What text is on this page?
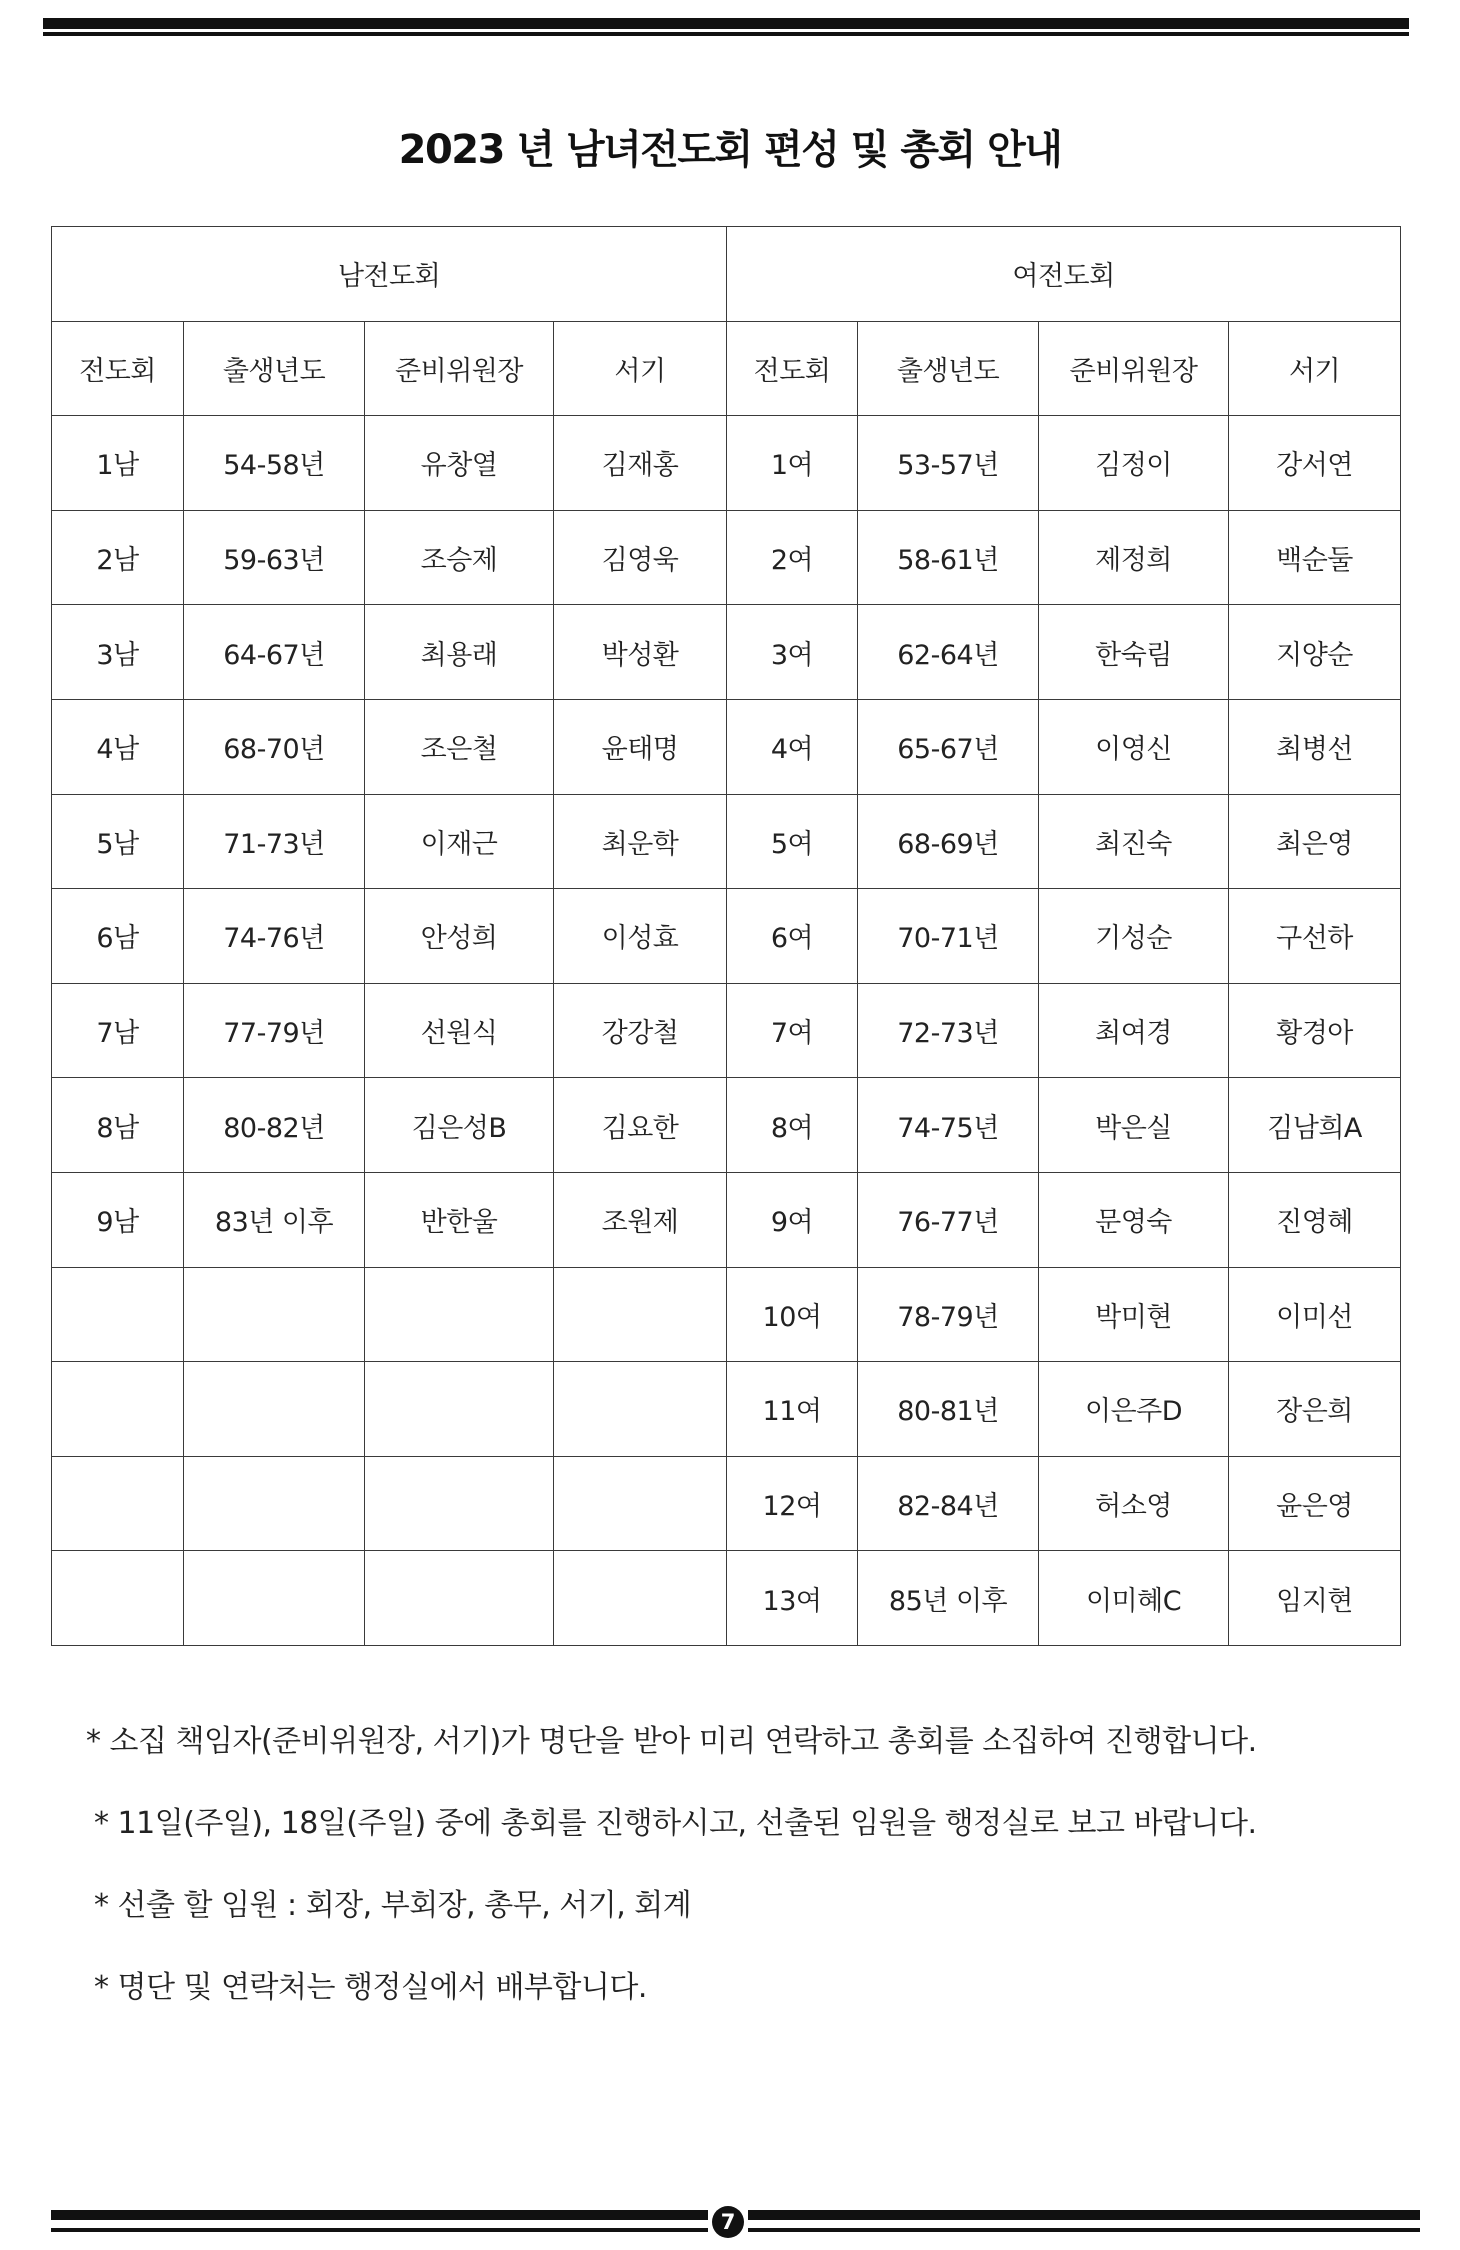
2023 년 남녀전도회 편성 및 총회 안내
남전도회				여전도회			
전도회	출생년도	준비위원장	서기	전도회	출생년도	준비위원장	서기
1남	54-58년	유창열	김재홍	1여	53-57년	김정이	강서연
2남	59-63년	조승제	김영욱	2여	58-61년	제정희	백순둘
3남	64-67년	최용래	박성환	3여	62-64년	한숙림	지양순
4남	68-70년	조은철	윤태명	4여	65-67년	이영신	최병선
5남	71-73년	이재근	최운학	5여	68-69년	최진숙	최은영
6남	74-76년	안성희	이성효	6여	70-71년	기성순	구선하
7남	77-79년	선원식	강강철	7여	72-73년	최여경	황경아
8남	80-82년	김은성B	김요한	8여	74-75년	박은실	김남희A
9남	83년 이후	반한울	조원제	9여	76-77년	문영숙	진영혜
				10여	78-79년	박미현	이미선
				11여	80-81년	이은주D	장은희
				12여	82-84년	허소영	윤은영
				13여	85년 이후	이미혜C	임지현

* 소집 책임자(준비위원장, 서기)가 명단을 받아 미리 연락하고 총회를 소집하여 진행합니다.

* 11일(주일), 18일(주일) 중에 총회를 진행하시고, 선출된 임원을 행정실로 보고 바랍니다.

* 선출 할 임원 : 회장, 부회장, 총무, 서기, 회계

* 명단 및 연락처는 행정실에서 배부합니다.

7
